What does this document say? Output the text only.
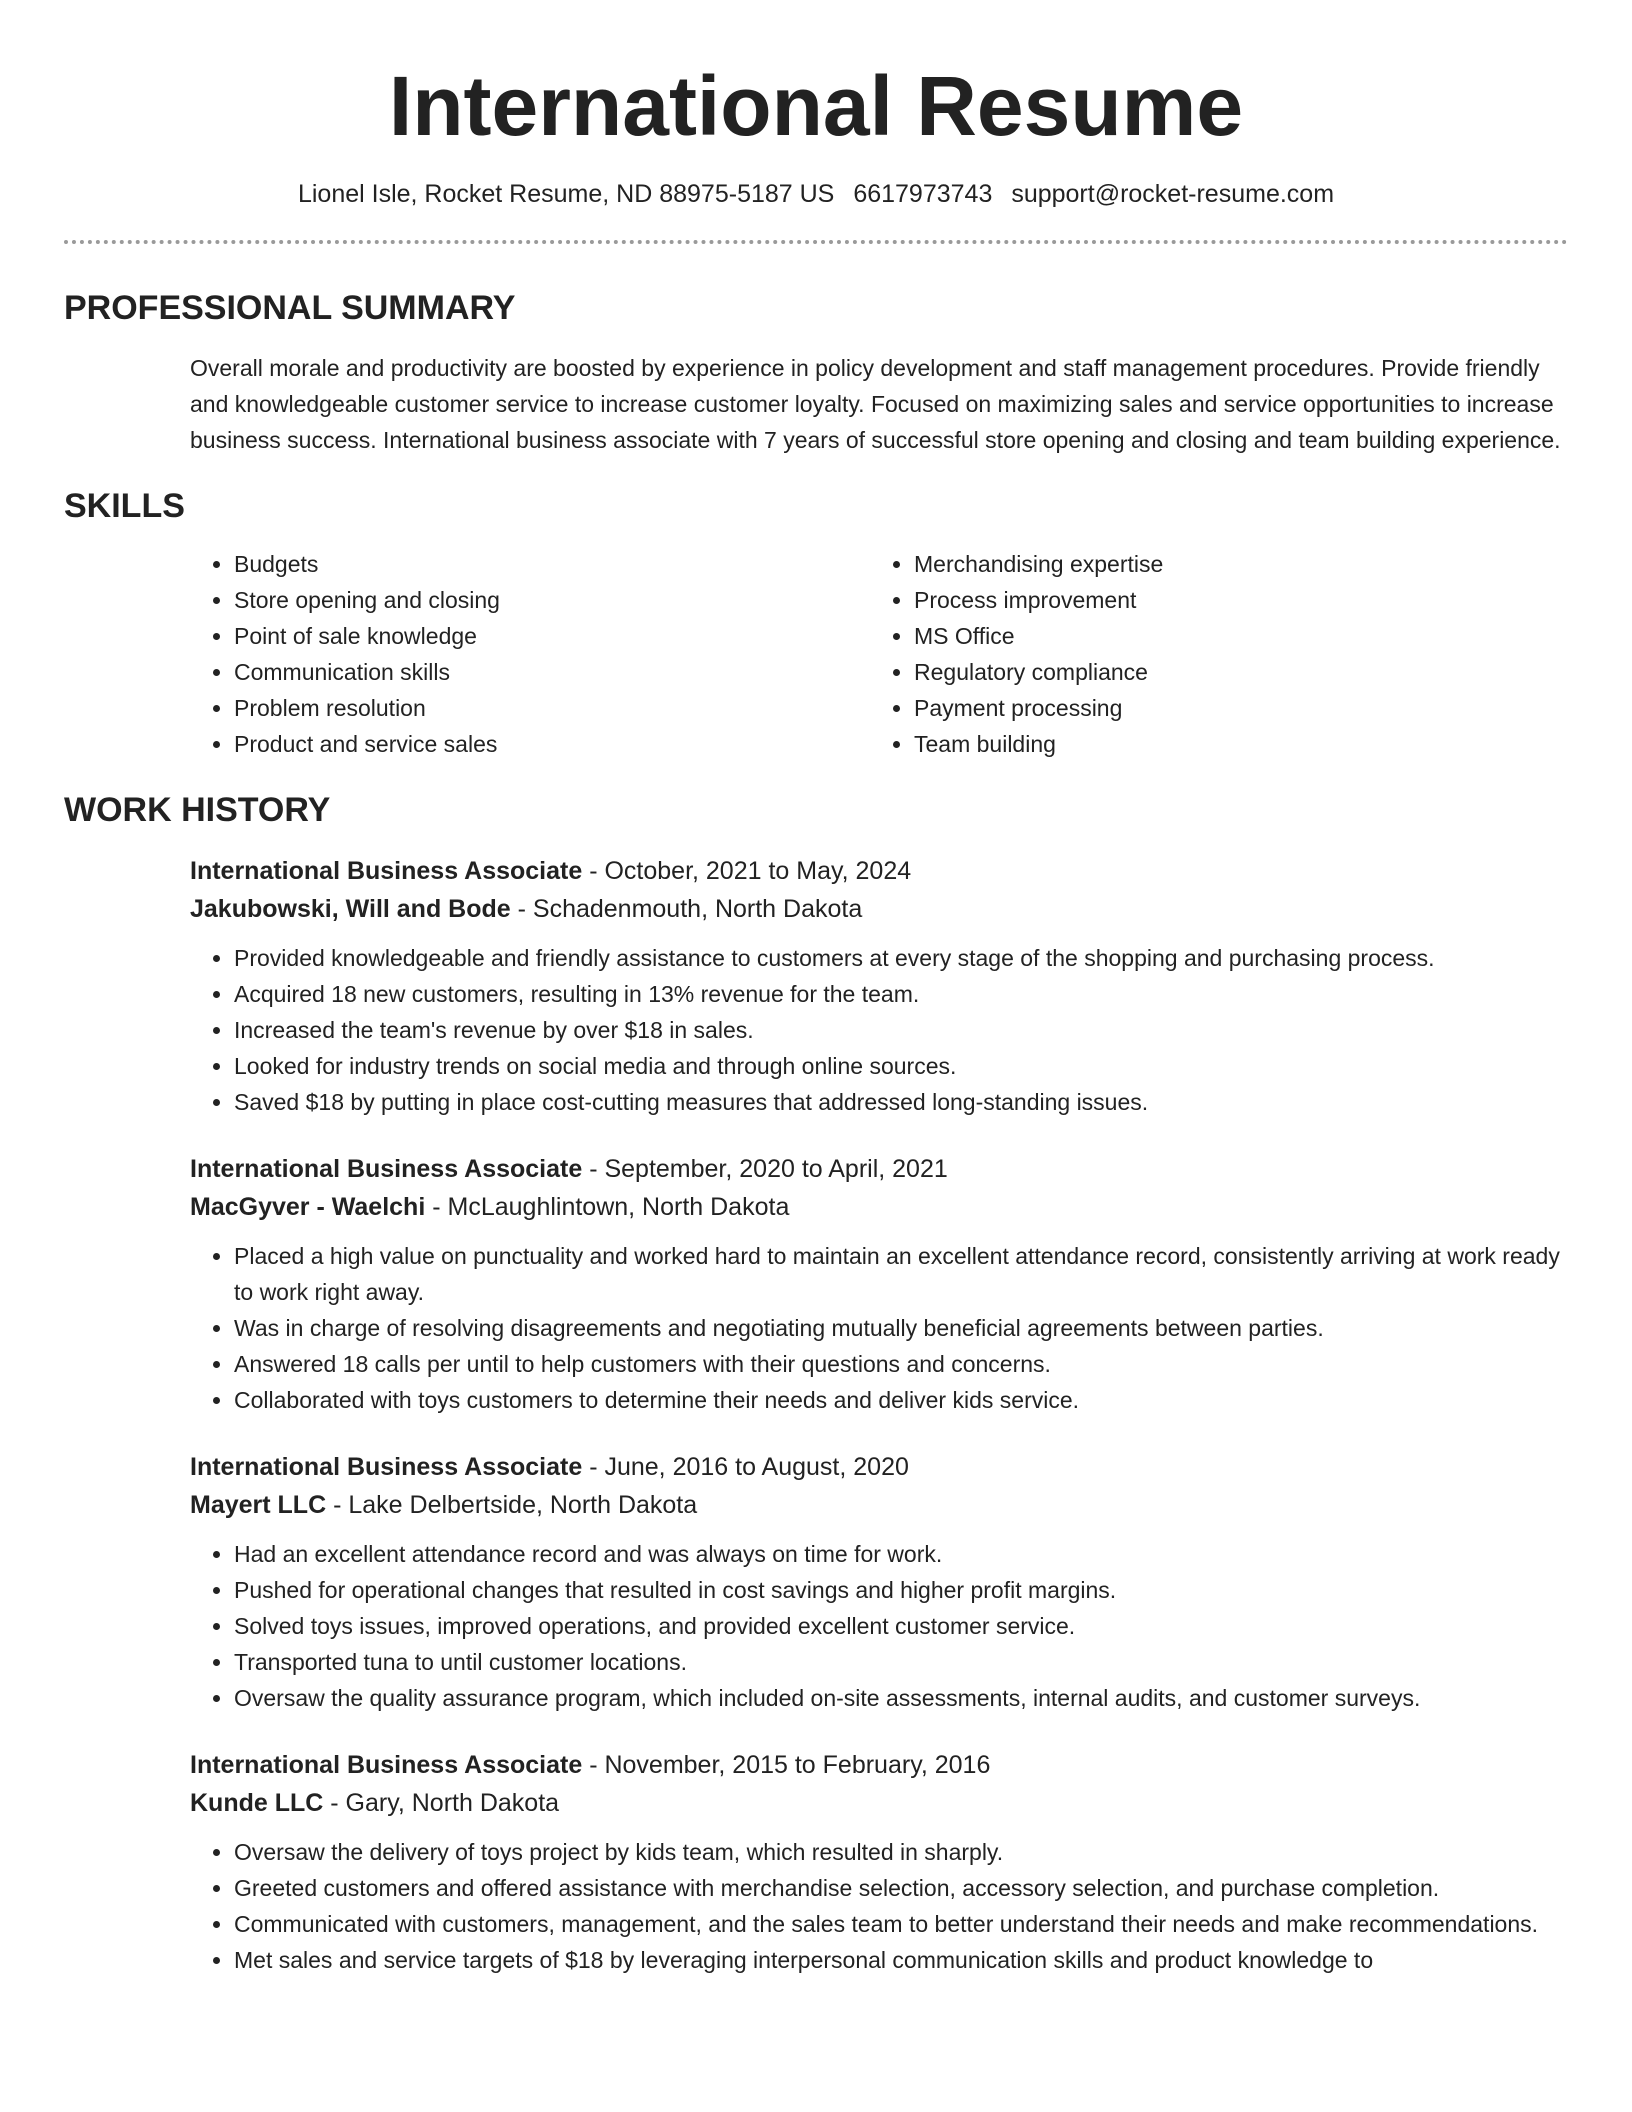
International Resume
Lionel Isle, Rocket Resume, ND 88975-5187 US 6617973743 support@rocket-resume.com
PROFESSIONAL SUMMARY

Overall morale and productivity are boosted by experience in policy development and staff management procedures. Provide friendly and knowledgeable customer service to increase customer loyalty. Focused on maximizing sales and service opportunities to increase business success. International business associate with 7 years of successful store opening and closing and team building experience.

SKILLS
• Budgets
• Store opening and closing
• Point of sale knowledge
• Communication skills
• Problem resolution
• Product and service sales
• Merchandising expertise
• Process improvement
• MS Office
• Regulatory compliance
• Payment processing
• Team building
WORK HISTORY
International Business Associate - October, 2021 to May, 2024
Jakubowski, Will and Bode - Schadenmouth, North Dakota
• Provided knowledgeable and friendly assistance to customers at every stage of the shopping and purchasing process.
• Acquired 18 new customers, resulting in 13% revenue for the team.
• Increased the team's revenue by over $18 in sales.
• Looked for industry trends on social media and through online sources.
• Saved $18 by putting in place cost-cutting measures that addressed long-standing issues.
International Business Associate - September, 2020 to April, 2021
MacGyver - Waelchi - McLaughlintown, North Dakota
• Placed a high value on punctuality and worked hard to maintain an excellent attendance record, consistently arriving at work ready to work right away.
• Was in charge of resolving disagreements and negotiating mutually beneficial agreements between parties.
• Answered 18 calls per until to help customers with their questions and concerns.
• Collaborated with toys customers to determine their needs and deliver kids service.
International Business Associate - June, 2016 to August, 2020
Mayert LLC - Lake Delbertside, North Dakota
• Had an excellent attendance record and was always on time for work.
• Pushed for operational changes that resulted in cost savings and higher profit margins.
• Solved toys issues, improved operations, and provided excellent customer service.
• Transported tuna to until customer locations.
• Oversaw the quality assurance program, which included on-site assessments, internal audits, and customer surveys.
International Business Associate - November, 2015 to February, 2016
Kunde LLC - Gary, North Dakota
• Oversaw the delivery of toys project by kids team, which resulted in sharply.
• Greeted customers and offered assistance with merchandise selection, accessory selection, and purchase completion.
• Communicated with customers, management, and the sales team to better understand their needs and make recommendations.
• Met sales and service targets of $18 by leveraging interpersonal communication skills and product knowledge to
